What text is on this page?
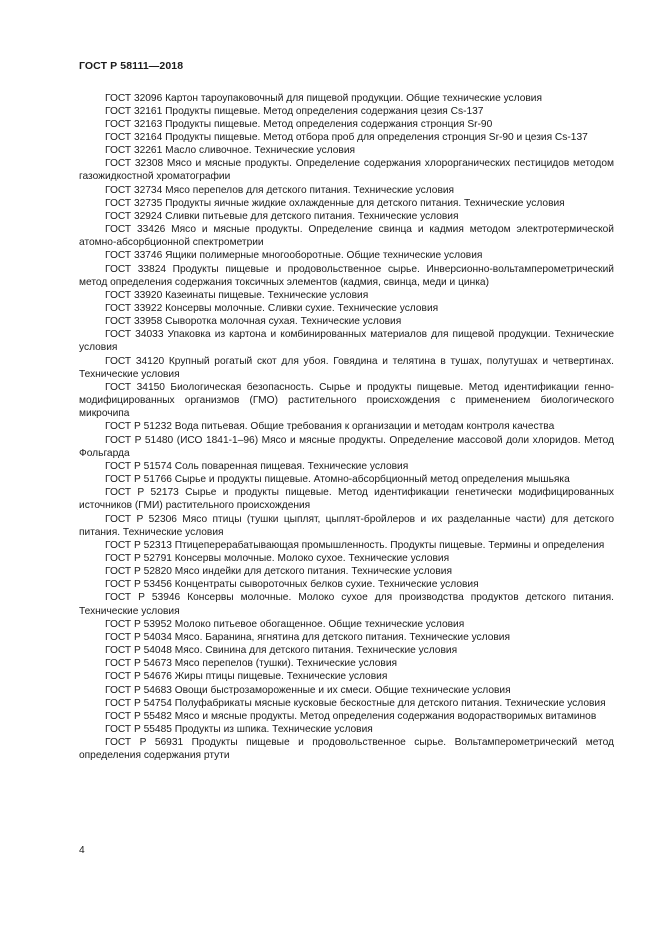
ГОСТ Р 58111—2018

ГОСТ 32096 Картон тароупаковочный для пищевой продукции. Общие технические условия

ГОСТ 32161 Продукты пищевые. Метод определения содержания цезия Cs-137

ГОСТ 32163 Продукты пищевые. Метод определения содержания стронция Sr-90

ГОСТ 32164 Продукты пищевые. Метод отбора проб для определения стронция Sr-90 и цезия Cs-137

ГОСТ 32261 Масло сливочное. Технические условия

ГОСТ 32308 Мясо и мясные продукты. Определение содержания хлорорганических пестицидов методом газожидкостной хроматографии

ГОСТ 32734 Мясо перепелов для детского питания. Технические условия

ГОСТ 32735 Продукты яичные жидкие охлажденные для детского питания. Технические условия

ГОСТ 32924 Сливки питьевые для детского питания. Технические условия

ГОСТ 33426 Мясо и мясные продукты. Определение свинца и кадмия методом электротермической атомно-абсорбционной спектрометрии

ГОСТ 33746 Ящики полимерные многооборотные. Общие технические условия

ГОСТ 33824 Продукты пищевые и продовольственное сырье. Инверсионно-вольтамперометрический метод определения содержания токсичных элементов (кадмия, свинца, меди и цинка)

ГОСТ 33920 Казеинаты пищевые. Технические условия

ГОСТ 33922 Консервы молочные. Сливки сухие. Технические условия

ГОСТ 33958 Сыворотка молочная сухая. Технические условия

ГОСТ 34033 Упаковка из картона и комбинированных материалов для пищевой продукции. Технические условия

ГОСТ 34120 Крупный рогатый скот для убоя. Говядина и телятина в тушах, полутушах и четвертинах. Технические условия

ГОСТ 34150 Биологическая безопасность. Сырье и продукты пищевые. Метод идентификации генно-модифицированных организмов (ГМО) растительного происхождения с применением биологического микрочипа

ГОСТ Р 51232 Вода питьевая. Общие требования к организации и методам контроля качества

ГОСТ Р 51480 (ИСО 1841-1–96) Мясо и мясные продукты. Определение массовой доли хлоридов. Метод Фольгарда

ГОСТ Р 51574 Соль поваренная пищевая. Технические условия

ГОСТ Р 51766 Сырье и продукты пищевые. Атомно-абсорбционный метод определения мышьяка

ГОСТ Р 52173 Сырье и продукты пищевые. Метод идентификации генетически модифицированных источников (ГМИ) растительного происхождения

ГОСТ Р 52306 Мясо птицы (тушки цыплят, цыплят-бройлеров и их разделанные части) для детского питания. Технические условия

ГОСТ Р 52313 Птицеперерабатывающая промышленность. Продукты пищевые. Термины и определения

ГОСТ Р 52791 Консервы молочные. Молоко сухое. Технические условия

ГОСТ Р 52820 Мясо индейки для детского питания. Технические условия

ГОСТ Р 53456 Концентраты сывороточных белков сухие. Технические условия

ГОСТ Р 53946 Консервы молочные. Молоко сухое для производства продуктов детского питания. Технические условия

ГОСТ Р 53952 Молоко питьевое обогащенное. Общие технические условия

ГОСТ Р 54034 Мясо. Баранина, ягнятина для детского питания. Технические условия

ГОСТ Р 54048 Мясо. Свинина для детского питания. Технические условия

ГОСТ Р 54673 Мясо перепелов (тушки). Технические условия

ГОСТ Р 54676 Жиры птицы пищевые. Технические условия

ГОСТ Р 54683 Овощи быстрозамороженные и их смеси. Общие технические условия

ГОСТ Р 54754 Полуфабрикаты мясные кусковые бескостные для детского питания. Технические условия

ГОСТ Р 55482 Мясо и мясные продукты. Метод определения содержания водорастворимых витаминов

ГОСТ Р 55485 Продукты из шпика. Технические условия

ГОСТ Р 56931 Продукты пищевые и продовольственное сырье. Вольтамперометрический метод определения содержания ртути

4
